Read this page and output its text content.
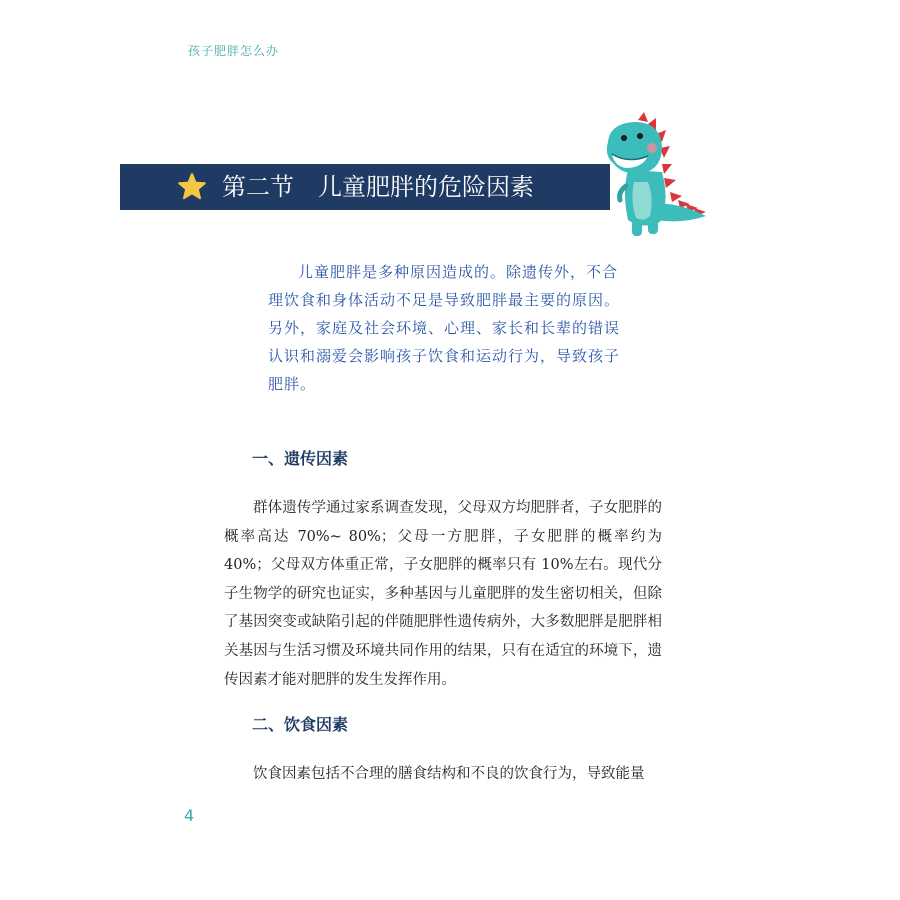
孩子肥胖怎么办
第二节　儿童肥胖的危险因素

儿童肥胖是多种原因造成的。除遗传外，不合理饮食和身体活动不足是导致肥胖最主要的原因。另外，家庭及社会环境、心理、家长和长辈的错误认识和溺爱会影响孩子饮食和运动行为，导致孩子肥胖。

一、遗传因素

群体遗传学通过家系调查发现，父母双方均肥胖者，子女肥胖的概率高达 70%~ 80%；父母一方肥胖，子女肥胖的概率约为 40%；父母双方体重正常，子女肥胖的概率只有 10%左右。现代分子生物学的研究也证实，多种基因与儿童肥胖的发生密切相关，但除了基因突变或缺陷引起的伴随肥胖性遗传病外，大多数肥胖是肥胖相关基因与生活习惯及环境共同作用的结果，只有在适宜的环境下，遗传因素才能对肥胖的发生发挥作用。

二、饮食因素

饮食因素包括不合理的膳食结构和不良的饮食行为，导致能量

4
